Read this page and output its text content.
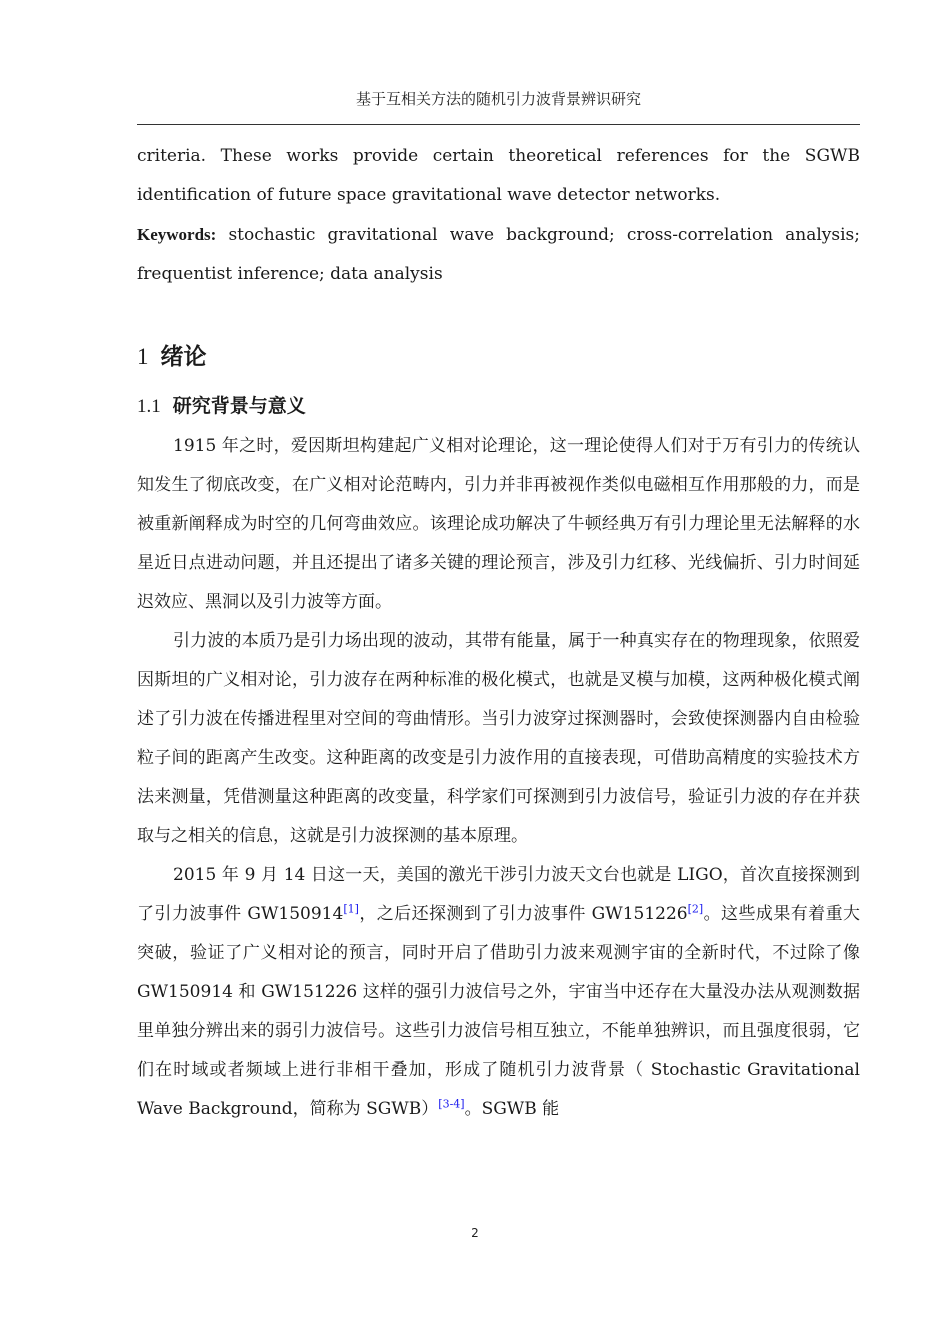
基于互相关方法的随机引力波背景辨识研究

criteria. These works provide certain theoretical references for the SGWB identification of future space gravitational wave detector networks.

Keywords: stochastic gravitational wave background; cross-correlation analysis; frequentist inference; data analysis

1 绪论
1.1 研究背景与意义

1915 年之时，爱因斯坦构建起广义相对论理论，这一理论使得人们对于万有引力的传统认知发生了彻底改变，在广义相对论范畴内，引力并非再被视作类似电磁相互作用那般的力，而是被重新阐释成为时空的几何弯曲效应。该理论成功解决了牛顿经典万有引力理论里无法解释的水星近日点进动问题，并且还提出了诸多关键的理论预言，涉及引力红移、光线偏折、引力时间延迟效应、黑洞以及引力波等方面。

引力波的本质乃是引力场出现的波动，其带有能量，属于一种真实存在的物理现象，依照爱因斯坦的广义相对论，引力波存在两种标准的极化模式，也就是叉模与加模，这两种极化模式阐述了引力波在传播进程里对空间的弯曲情形。当引力波穿过探测器时，会致使探测器内自由检验粒子间的距离产生改变。这种距离的改变是引力波作用的直接表现，可借助高精度的实验技术方法来测量，凭借测量这种距离的改变量，科学家们可探测到引力波信号，验证引力波的存在并获取与之相关的信息，这就是引力波探测的基本原理。

2015 年 9 月 14 日这一天，美国的激光干涉引力波天文台也就是 LIGO，首次直接探测到了引力波事件 GW150914[1]，之后还探测到了引力波事件 GW151226[2]。这些成果有着重大突破，验证了广义相对论的预言，同时开启了借助引力波来观测宇宙的全新时代，不过除了像 GW150914 和 GW151226 这样的强引力波信号之外，宇宙当中还存在大量没办法从观测数据里单独分辨出来的弱引力波信号。这些引力波信号相互独立，不能单独辨识，而且强度很弱，它们在时域或者频域上进行非相干叠加，形成了随机引力波背景（ Stochastic Gravitational Wave Background，简称为 SGWB）[3-4]。SGWB 能

2
